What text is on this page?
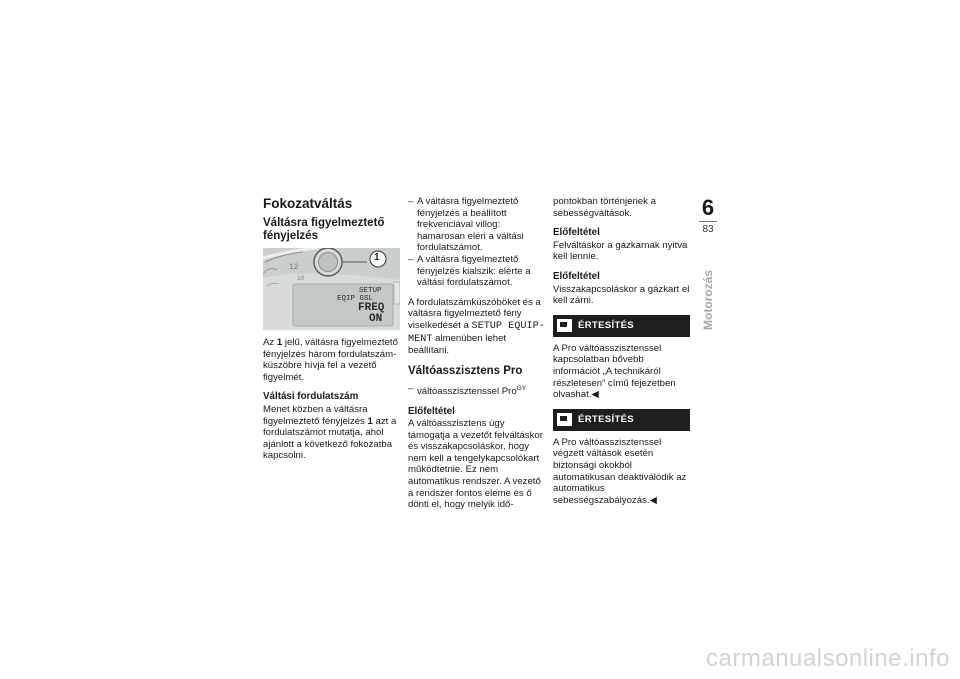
Fokozatváltás
Váltásra figyelmeztető fényjelzés
1
12
10
SETUP
EQIP GSL
FREQ
ON

Az 1 jelű, váltásra figyelmeztető fényjelzés három fordulatszám-küszöbre hívja fel a vezető figyelmét.

Váltási fordulatszám

Menet közben a váltásra figyelmeztető fényjelzés 1 azt a fordulatszámot mutatja, ahol ajánlott a következő fokozatba kapcsolni.

– A váltásra figyelmeztető fényjelzés a beállított frekvenciával villog: hamarosan eléri a váltási fordulatszámot.
– A váltásra figyelmeztető fényjelzés kialszik: elérte a váltási fordulatszámot.

A fordulatszámküszöböket és a váltásra figyelmeztető fény viselkedését a SETUP EQUIP-MENT almenüben lehet beállítani.

Váltóasszisztens Pro
– váltóasszisztenssel Pro$^{GY}$
Előfeltétel

A váltóasszisztens úgy támogatja a vezetőt felváltáskor és visszakapcsoláskor, hogy nem kell a tengelykapcsolókart működtetnie. Ez nem automatikus rendszer. A vezető a rendszer fontos eleme és ő dönti el, hogy melyik idő-

pontokban történjenek a sebességváltások.

Előfeltétel

Felváltáskor a gázkarnak nyitva kell lennie.

Előfeltétel

Visszakapcsoláskor a gázkart el kell zárni.

ÉRTESÍTÉS

A Pro váltóasszisztenssel kapcsolatban bővebb információt „A technikáról részletesen” című fejezetben olvashat.◀

ÉRTESÍTÉS

A Pro váltóasszisztenssel végzett váltások esetén biztonsági okokból automatikusan deaktiválódik az automatikus sebességszabályozás.◀

6
83
Motorozás
carmanualsonline.info
